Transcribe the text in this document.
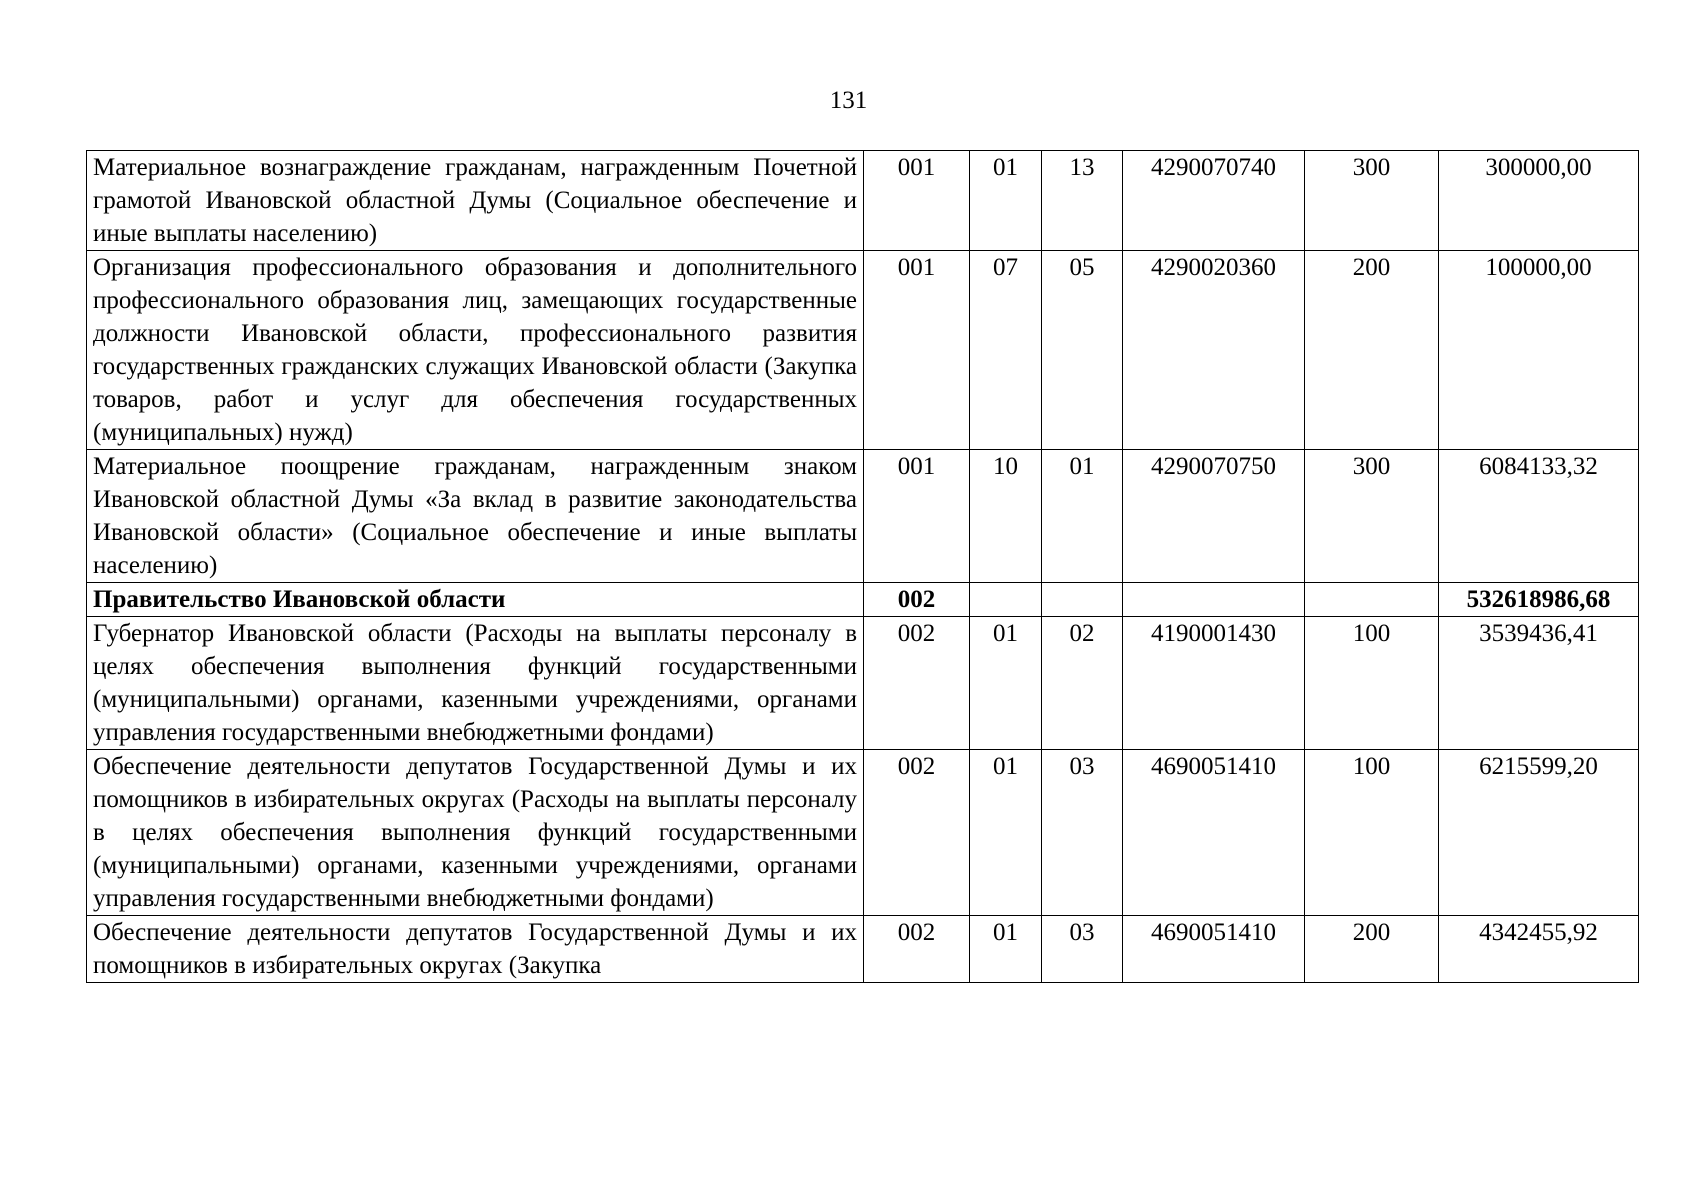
131
Материальное вознаграждение гражданам, награжденным Почетной грамотой Ивановской областной Думы (Социальное обеспечение и иные выплаты населению)	001	01	13	4290070740	300	300000,00
Организация профессионального образования и дополнительного профессионального образования лиц, замещающих государственные должности Ивановской области, профессионального развития государственных гражданских служащих Ивановской области (Закупка товаров, работ и услуг для обеспечения государственных (муниципальных) нужд)	001	07	05	4290020360	200	100000,00
Материальное поощрение гражданам, награжденным знаком Ивановской областной Думы «За вклад в развитие законодательства Ивановской области» (Социальное обеспечение и иные выплаты населению)	001	10	01	4290070750	300	6084133,32
Правительство Ивановской области	002					532618986,68
Губернатор Ивановской области (Расходы на выплаты персоналу в целях обеспечения выполнения функций государственными (муниципальными) органами, казенными учреждениями, органами управления государственными внебюджетными фондами)	002	01	02	4190001430	100	3539436,41
Обеспечение деятельности депутатов Государственной Думы и их помощников в избирательных округах (Расходы на выплаты персоналу в целях обеспечения выполнения функций государственными (муниципальными) органами, казенными учреждениями, органами управления государственными внебюджетными фондами)	002	01	03	4690051410	100	6215599,20

Обеспечение деятельности депутатов Государственной Думы и их помощников в избирательных округах (Закупка	002	01	03	4690051410	200	4342455,92
